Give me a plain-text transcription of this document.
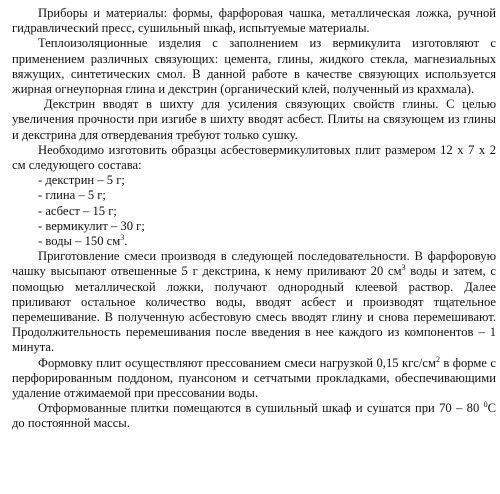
Приборы и материалы: формы, фарфоровая чашка, металлическая ложка, ручной гидравлический пресс, сушильный шкаф, испытуемые материалы.

Теплоизоляционные изделия с заполнением из вермикулита изготовляют с применением различных связующих: цемента, глины, жидкого стекла, магнезиальных вяжущих, синтетических смол. В данной работе в качестве связующих используется жирная огнеупорная глина и декстрин (органический клей, полученный из крахмала).

Декстрин вводят в шихту для усиления связующих свойств глины. С целью увеличения прочности при изгибе в шихту вводят асбест. Плиты на связующем из глины и декстрина для отвердевания требуют только сушку.

Необходимо изготовить образцы асбестовермикулитовых плит размером 12 х 7 х 2 см следующего состава:

- декстрин – 5 г;
- глина – 5 г;
- асбест – 15 г;
- вермикулит – 30 г;
- воды – 150 $см^3$.

Приготовление смеси производя в следующей последовательности. В фарфоровую чашку высыпают отвешенные 5 г декстрина, к нему приливают 20 $см^3$ воды и затем, с помощью металлической ложки, получают однородный клеевой раствор. Далее приливают остальное количество воды, вводят асбест и производят тщательное перемешивание. В полученную асбестовую смесь вводят глину и снова перемешивают. Продолжительность перемешивания после введения в нее каждого из компонентов – 1 минута.

Формовку плит осуществляют прессованием смеси нагрузкой 0,15 кгс/$см^2$ в форме с перфорированным поддоном, пуансоном и сетчатыми прокладками, обеспечивающими удаление отжимаемой при прессовании воды.

Отформованные плитки помещаются в сушильный шкаф и сушатся при 70 – 80 $^0$С до постоянной массы.
